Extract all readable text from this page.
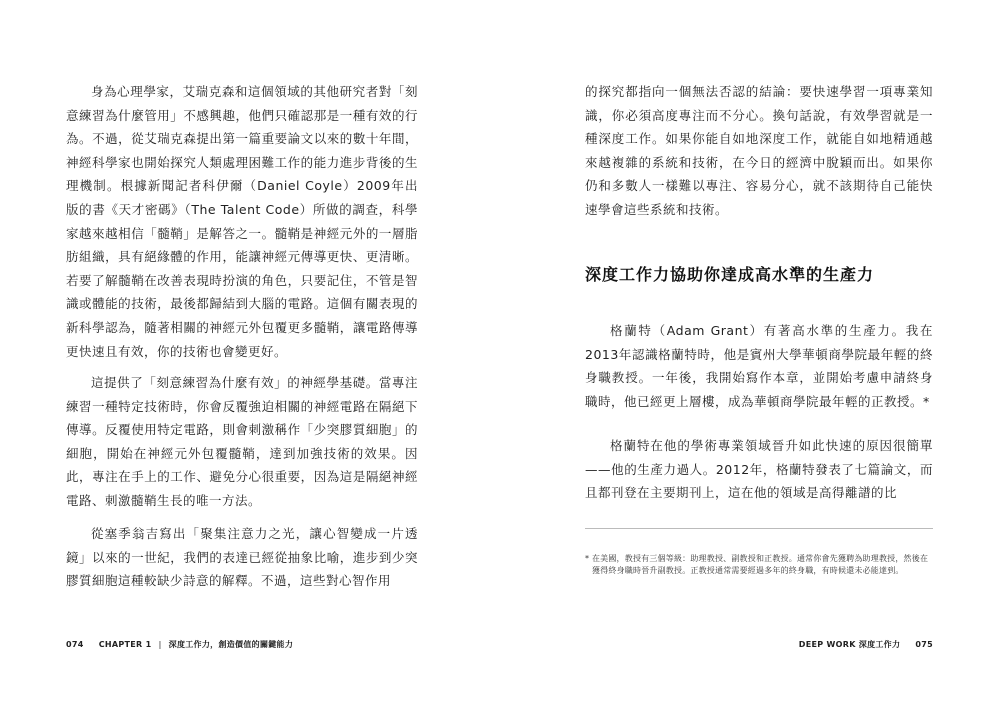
身為心理學家，艾瑞克森和這個領域的其他研究者對「刻意練習為什麼管用」不感興趣，他們只確認那是一種有效的行為。不過，從艾瑞克森提出第一篇重要論文以來的數十年間，神經科學家也開始探究人類處理困難工作的能力進步背後的生理機制。根據新聞記者科伊爾（Daniel Coyle）2009年出版的書《天才密碼》（The Talent Code）所做的調查，科學家越來越相信「髓鞘」是解答之一。髓鞘是神經元外的一層脂肪組織，具有絕緣體的作用，能讓神經元傳導更快、更清晰。若要了解髓鞘在改善表現時扮演的角色，只要記住，不管是智識或體能的技術，最後都歸結到大腦的電路。這個有關表現的新科學認為，隨著相關的神經元外包覆更多髓鞘，讓電路傳導更快速且有效，你的技術也會變更好。

這提供了「刻意練習為什麼有效」的神經學基礎。當專注練習一種特定技術時，你會反覆強迫相關的神經電路在隔絕下傳導。反覆使用特定電路，則會刺激稱作「少突膠質細胞」的細胞，開始在神經元外包覆髓鞘，達到加強技術的效果。因此，專注在手上的工作、避免分心很重要，因為這是隔絕神經電路、刺激髓鞘生長的唯一方法。

從塞季翁吉寫出「聚集注意力之光，讓心智變成一片透鏡」以來的一世紀，我們的表達已經從抽象比喻，進步到少突膠質細胞這種較缺少詩意的解釋。不過，這些對心智作用

074 CHAPTER 1 | 深度工作力，創造價值的關鍵能力

的探究都指向一個無法否認的結論：要快速學習一項專業知識，你必須高度專注而不分心。換句話說，有效學習就是一種深度工作。如果你能自如地深度工作，就能自如地精通越來越複雜的系統和技術，在今日的經濟中脫穎而出。如果你仍和多數人一樣難以專注、容易分心，就不該期待自己能快速學會這些系統和技術。

深度工作力協助你達成高水準的生產力

格蘭特（Adam Grant）有著高水準的生產力。我在2013年認識格蘭特時，他是賓州大學華頓商學院最年輕的終身職教授。一年後，我開始寫作本章，並開始考慮申請終身職時，他已經更上層樓，成為華頓商學院最年輕的正教授。*

格蘭特在他的學術專業領域晉升如此快速的原因很簡單——他的生產力過人。2012年，格蘭特發表了七篇論文，而且都刊登在主要期刊上，這在他的領域是高得離譜的比

* 在美國，教授有三個等級：助理教授、副教授和正教授。通常你會先獲聘為助理教授，然後在獲得終身職時晉升副教授。正教授通常需要經過多年的終身職，有時候還未必能達到。

DEEP WORK 深度工作力 075
